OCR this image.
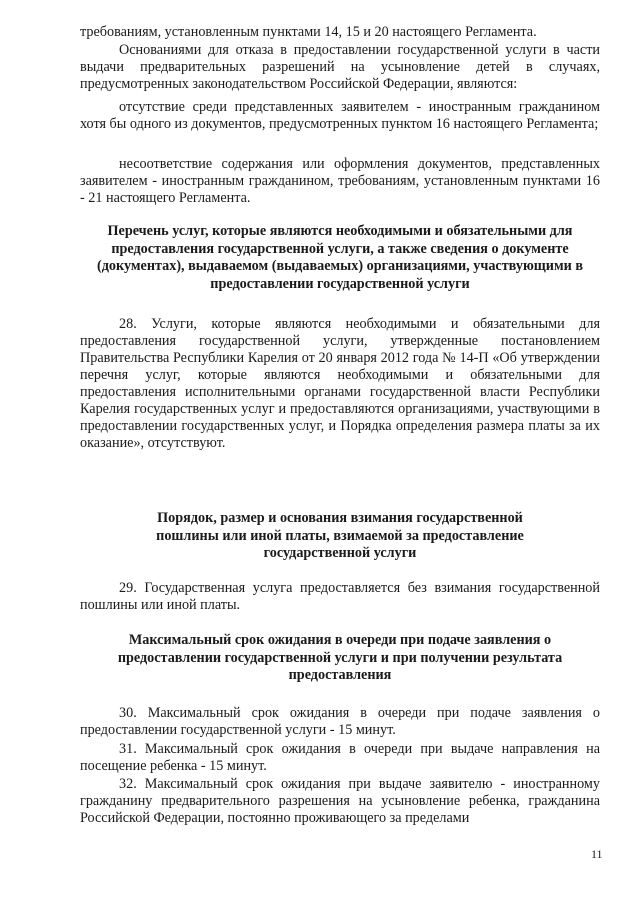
требованиям, установленным пунктами 14, 15 и 20 настоящего Регламента.

Основаниями для отказа в предоставлении государственной услуги в части выдачи предварительных разрешений на усыновление детей в случаях, предусмотренных законодательством Российской Федерации, являются:

отсутствие среди представленных заявителем - иностранным гражданином хотя бы одного из документов, предусмотренных пунктом 16 настоящего Регламента;

несоответствие содержания или оформления документов, представленных заявителем - иностранным гражданином, требованиям, установленным пунктами 16 - 21 настоящего Регламента.

Перечень услуг, которые являются необходимыми и обязательными для предоставления государственной услуги, а также сведения о документе (документах), выдаваемом (выдаваемых) организациями, участвующими в предоставлении государственной услуги

28. Услуги, которые являются необходимыми и обязательными для предоставления государственной услуги, утвержденные постановлением Правительства Республики Карелия от 20 января 2012 года № 14-П «Об утверждении перечня услуг, которые являются необходимыми и обязательными для предоставления исполнительными органами государственной власти Республики Карелия государственных услуг и предоставляются организациями, участвующими в предоставлении государственных услуг, и Порядка определения размера платы за их оказание», отсутствуют.

Порядок, размер и основания взимания государственной пошлины или иной платы, взимаемой за предоставление государственной услуги

29. Государственная услуга предоставляется без взимания государственной пошлины или иной платы.

Максимальный срок ожидания в очереди при подаче заявления о предоставлении государственной услуги и при получении результата предоставления

30. Максимальный срок ожидания в очереди при подаче заявления о предоставлении государственной услуги - 15 минут.

31. Максимальный срок ожидания в очереди при выдаче направления на посещение ребенка - 15 минут.

32. Максимальный срок ожидания при выдаче заявителю - иностранному гражданину предварительного разрешения на усыновление ребенка, гражданина Российской Федерации, постоянно проживающего за пределами

11
